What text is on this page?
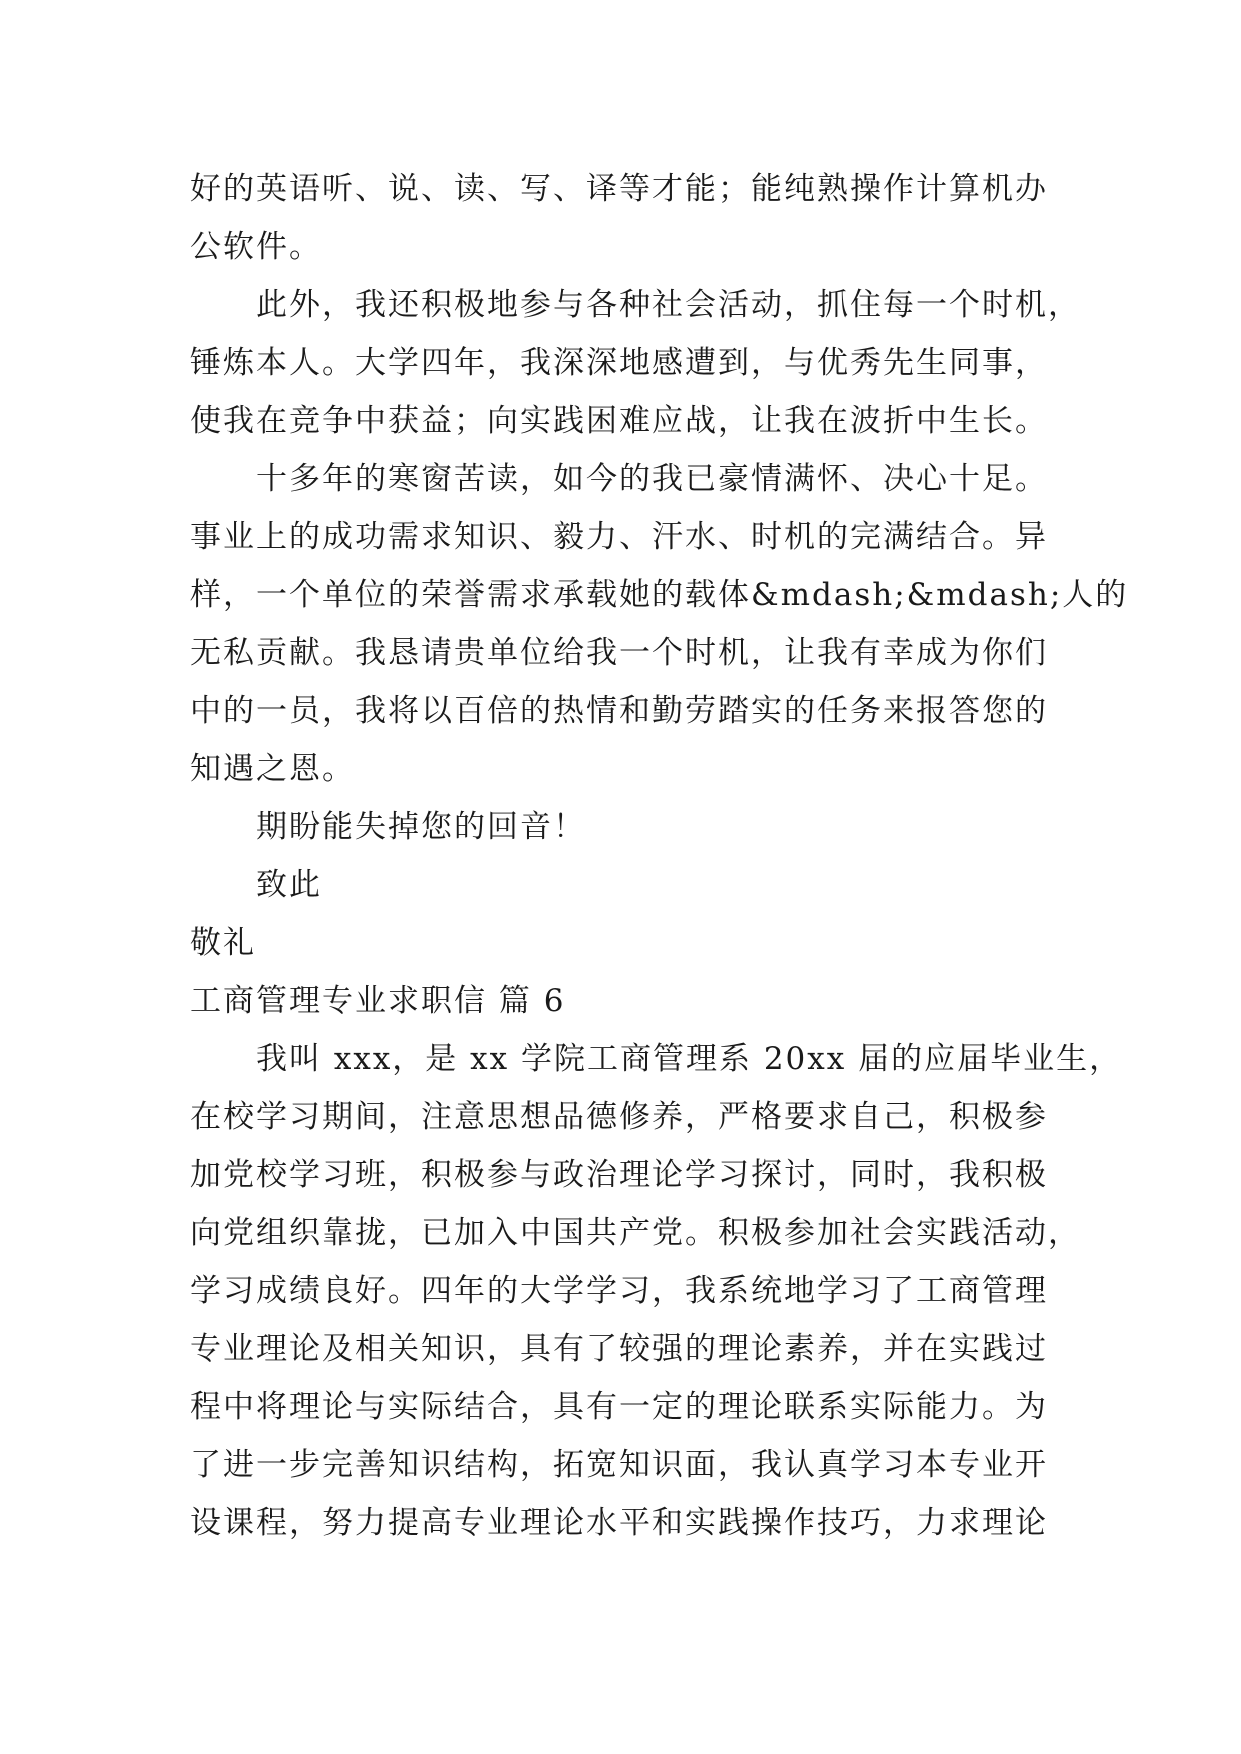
好的英语听、说、读、写、译等才能；能纯熟操作计算机办
公软件。
此外，我还积极地参与各种社会活动，抓住每一个时机，
锤炼本人。大学四年，我深深地感遭到，与优秀先生同事，
使我在竞争中获益；向实践困难应战，让我在波折中生长。
十多年的寒窗苦读，如今的我已豪情满怀、决心十足。
事业上的成功需求知识、毅力、汗水、时机的完满结合。异
样，一个单位的荣誉需求承载她的载体&mdash;&mdash;人的
无私贡献。我恳请贵单位给我一个时机，让我有幸成为你们
中的一员，我将以百倍的热情和勤劳踏实的任务来报答您的
知遇之恩。
期盼能失掉您的回音！
致此
敬礼
工商管理专业求职信 篇 6
我叫 xxx，是 xx 学院工商管理系 20xx 届的应届毕业生，
在校学习期间，注意思想品德修养，严格要求自己，积极参
加党校学习班，积极参与政治理论学习探讨，同时，我积极
向党组织靠拢，已加入中国共产党。积极参加社会实践活动，
学习成绩良好。四年的大学学习，我系统地学习了工商管理
专业理论及相关知识，具有了较强的理论素养，并在实践过
程中将理论与实际结合，具有一定的理论联系实际能力。为
了进一步完善知识结构，拓宽知识面，我认真学习本专业开
设课程，努力提高专业理论水平和实践操作技巧，力求理论
